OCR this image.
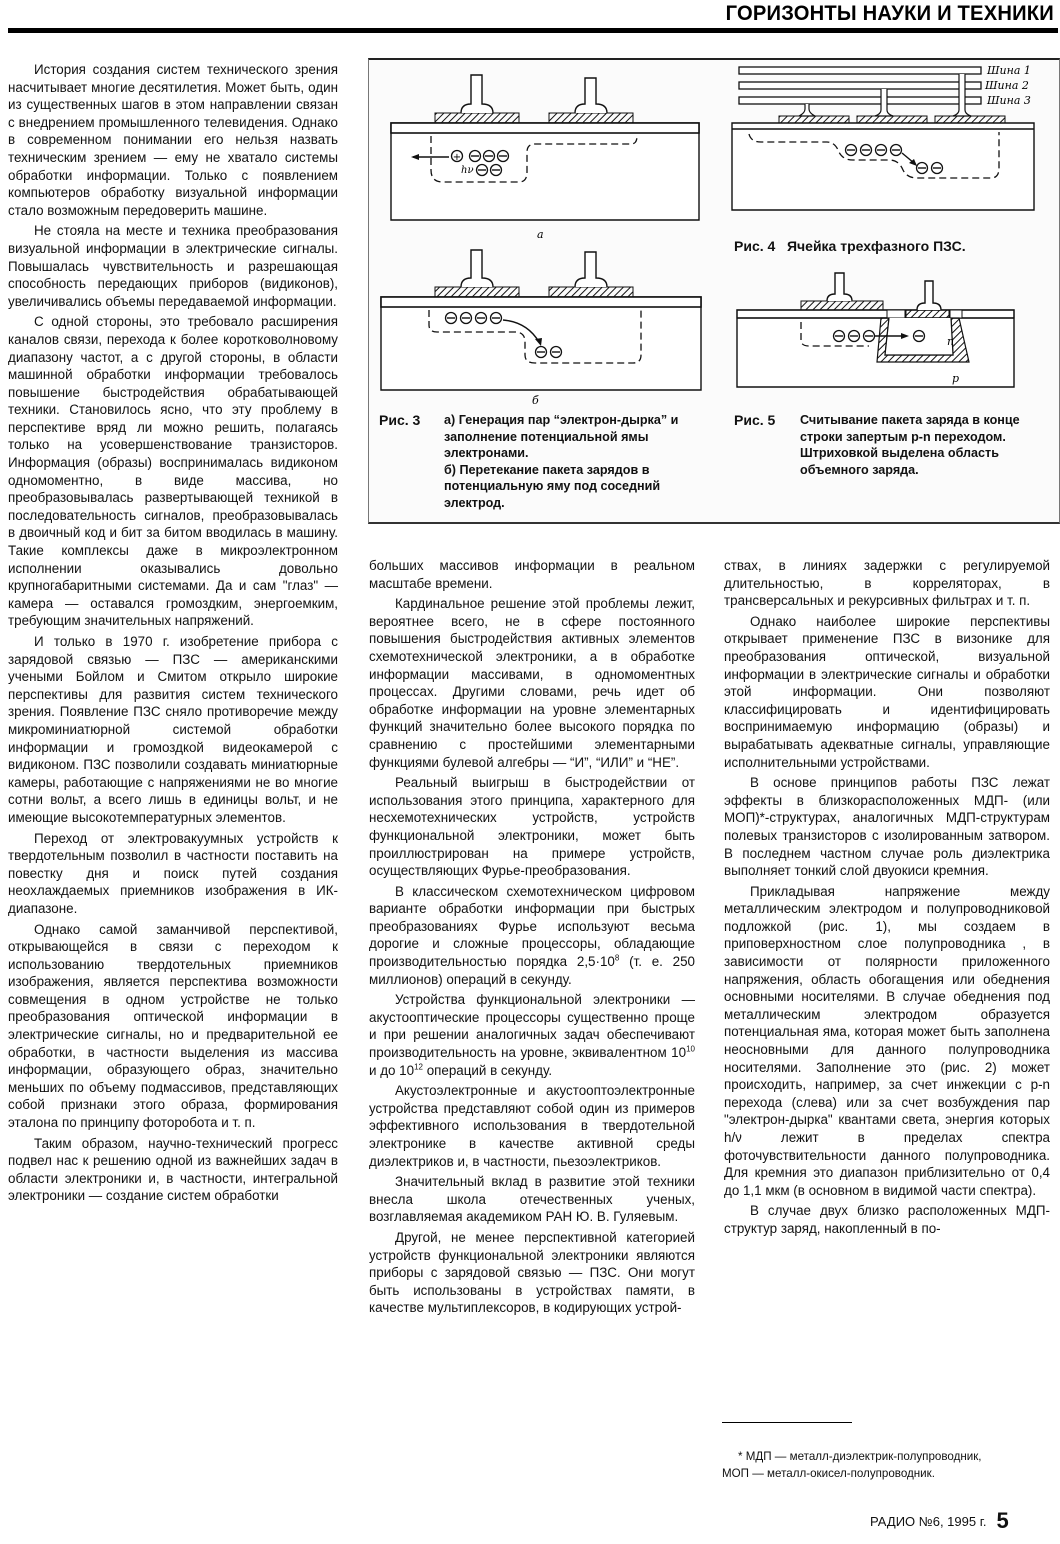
ГОРИЗОНТЫ НАУКИ И ТЕХНИКИ

История создания систем технического зрения насчитывает многие десятилетия. Может быть, один из существенных шагов в этом направлении связан с внедрением промышленного телевидения. Однако в современном понимании его нельзя назвать техническим зрением — ему не хватало системы обработки информации. Только с появлением компьютеров обработку визуальной информации стало возможным передоверить машине.

Не стояла на месте и техника преобразования визуальной информации в электрические сигналы. Повышалась чувствительность и разрешающая способность передающих приборов (видиконов), увеличивались объемы передаваемой информации.

С одной стороны, это требовало расширения каналов связи, перехода к более коротковолновому диапазону частот, а с другой стороны, в области машинной обработки информации требовалось повышение быстродействия обрабатывающей техники. Становилось ясно, что эту проблему в перспективе вряд ли можно решить, полагаясь только на усовершенствование транзисторов. Информация (образы) воспринималась видиконом одномоментно, в виде массива, но преобразовывалась развертывающей техникой в последовательность сигналов, преобразовывалась в двоичный код и бит за битом вводилась в машину. Такие комплексы даже в микроэлектронном исполнении оказывались довольно крупногабаритными системами. Да и сам "глаз" — камера — оставался громоздким, энергоемким, требующим значительных напряжений.

И только в 1970 г. изобретение прибора с зарядовой связью — ПЗС — американскими учеными Бойлом и Смитом открыло широкие перспективы для развития систем технического зрения. Появление ПЗС сняло противоречие между микроминиатюрной системой обработки информации и громоздкой видеокамерой с видиконом. ПЗС позволили создавать миниатюрные камеры, работающие с напряжениями не во многие сотни вольт, а всего лишь в единицы вольт, и не имеющие высокотемпературных элементов.

Переход от электровакуумных устройств к твердотельным позволил в частности поставить на повестку дня и поиск путей создания неохлаждаемых приемников изображения в ИК-диапазоне.

Однако самой заманчивой перспективой, открывающейся в связи с переходом к использованию твердотельных приемников изображения, является перспектива возможности совмещения в одном устройстве не только преобразования оптической информации в электрические сигналы, но и предварительной ее обработки, в частности выделения из массива информации, образующего образ, значительно меньших по объему подмассивов, представляющих собой признаки этого образа, формирования эталона по принципу фоторобота и т. п.

Таким образом, научно-технический прогресс подвел нас к решению одной из важнейших задач в области электроники и, в частности, интегральной электроники — создание систем обработки

+
hν
а
б
Шина 1
Шина 2
Шина 3
n
p
Рис. 3 а) Генерация пар “электрон-дырка” и заполнение потенциальной ямы электронами.
б) Перетекание пакета зарядов в потенциальную яму под соседний электрод.
Рис. 4 Ячейка трехфазного ПЗС.
Рис. 5 Считывание пакета заряда в конце строки запертым p-n переходом. Штриховкой выделена область объемного заряда.

больших массивов информации в реальном масштабе времени.

Кардинальное решение этой проблемы лежит, вероятнее всего, не в сфере постоянного повышения быстродействия активных элементов схемотехнической электроники, а в обработке информации массивами, в одномоментных процессах. Другими словами, речь идет об обработке информации на уровне элементарных функций значительно более высокого порядка по сравнению с простейшими элементарными функциями булевой алгебры — “И”, “ИЛИ” и “НЕ”.

Реальный выигрыш в быстродействии от использования этого принципа, характерного для несхемотехнических устройств, устройств функциональной электроники, может быть проиллюстрирован на примере устройств, осуществляющих Фурье-преобразования.

В классическом схемотехническом цифровом варианте обработки информации при быстрых преобразованиях Фурье используют весьма дорогие и сложные процессоры, обладающие производительностью порядка $2,5\cdot 10^8$ (т. е. 250 миллионов) операций в секунду.

Устройства функциональной электроники — акустооптические процессоры существенно проще и при решении аналогичных задач обеспечивают производительность на уровне, эквивалентном $10^{10}$ и до $10^{12}$ операций в секунду.

Акустоэлектронные и акустооптоэлектронные устройства представляют собой один из примеров эффективного использования в твердотельной электронике в качестве активной среды диэлектриков и, в частности, пьезоэлектриков.

Значительный вклад в развитие этой техники внесла школа отечественных ученых, возглавляемая академиком РАН Ю. В. Гуляевым.

Другой, не менее перспективной категорией устройств функциональной электроники являются приборы с зарядовой связью — ПЗС. Они могут быть использованы в устройствах памяти, в качестве мультиплексоров, в кодирующих устрой-

ствах, в линиях задержки с регулируемой длительностью, в корреляторах, в трансверсальных и рекурсивных фильтрах и т. п.

Однако наиболее широкие перспективы открывает применение ПЗС в визонике для преобразования оптической, визуальной информации в электрические сигналы и обработки этой информации. Они позволяют классифицировать и идентифицировать воспринимаемую информацию (образы) и вырабатывать адекватные сигналы, управляющие исполнительными устройствами.

В основе принципов работы ПЗС лежат эффекты в близкорасположенных МДП- (или МОП)*-структурах, аналогичных МДП-структурам полевых транзисторов с изолированным затвором. В последнем частном случае роль диэлектрика выполняет тонкий слой двуокиси кремния.

Прикладывая напряжение между металлическим электродом и полупроводниковой подложкой (рис. 1), мы создаем в приповерхностном слое полупроводника , в зависимости от полярности приложенного напряжения, область обогащения или обеднения основными носителями. В случае обеднения под металлическим электродом образуется потенциальная яма, которая может быть заполнена неосновными для данного полупроводника носителями. Заполнение это (рис. 2) может происходить, например, за счет инжекции с p-n перехода (слева) или за счет возбуждения пар "электрон-дырка" квантами света, энергия которых h/ν лежит в пределах спектра фоточувствительности данного полупроводника. Для кремния это диапазон приблизительно от 0,4 до 1,1 мкм (в основном в видимой части спектра).

В случае двух близко расположенных МДП-структур заряд, накопленный в по-

* МДП — металл-диэлектрик-полупроводник,

МОП — металл-окисел-полупроводник.

РАДИО №6, 1995 г. 5
